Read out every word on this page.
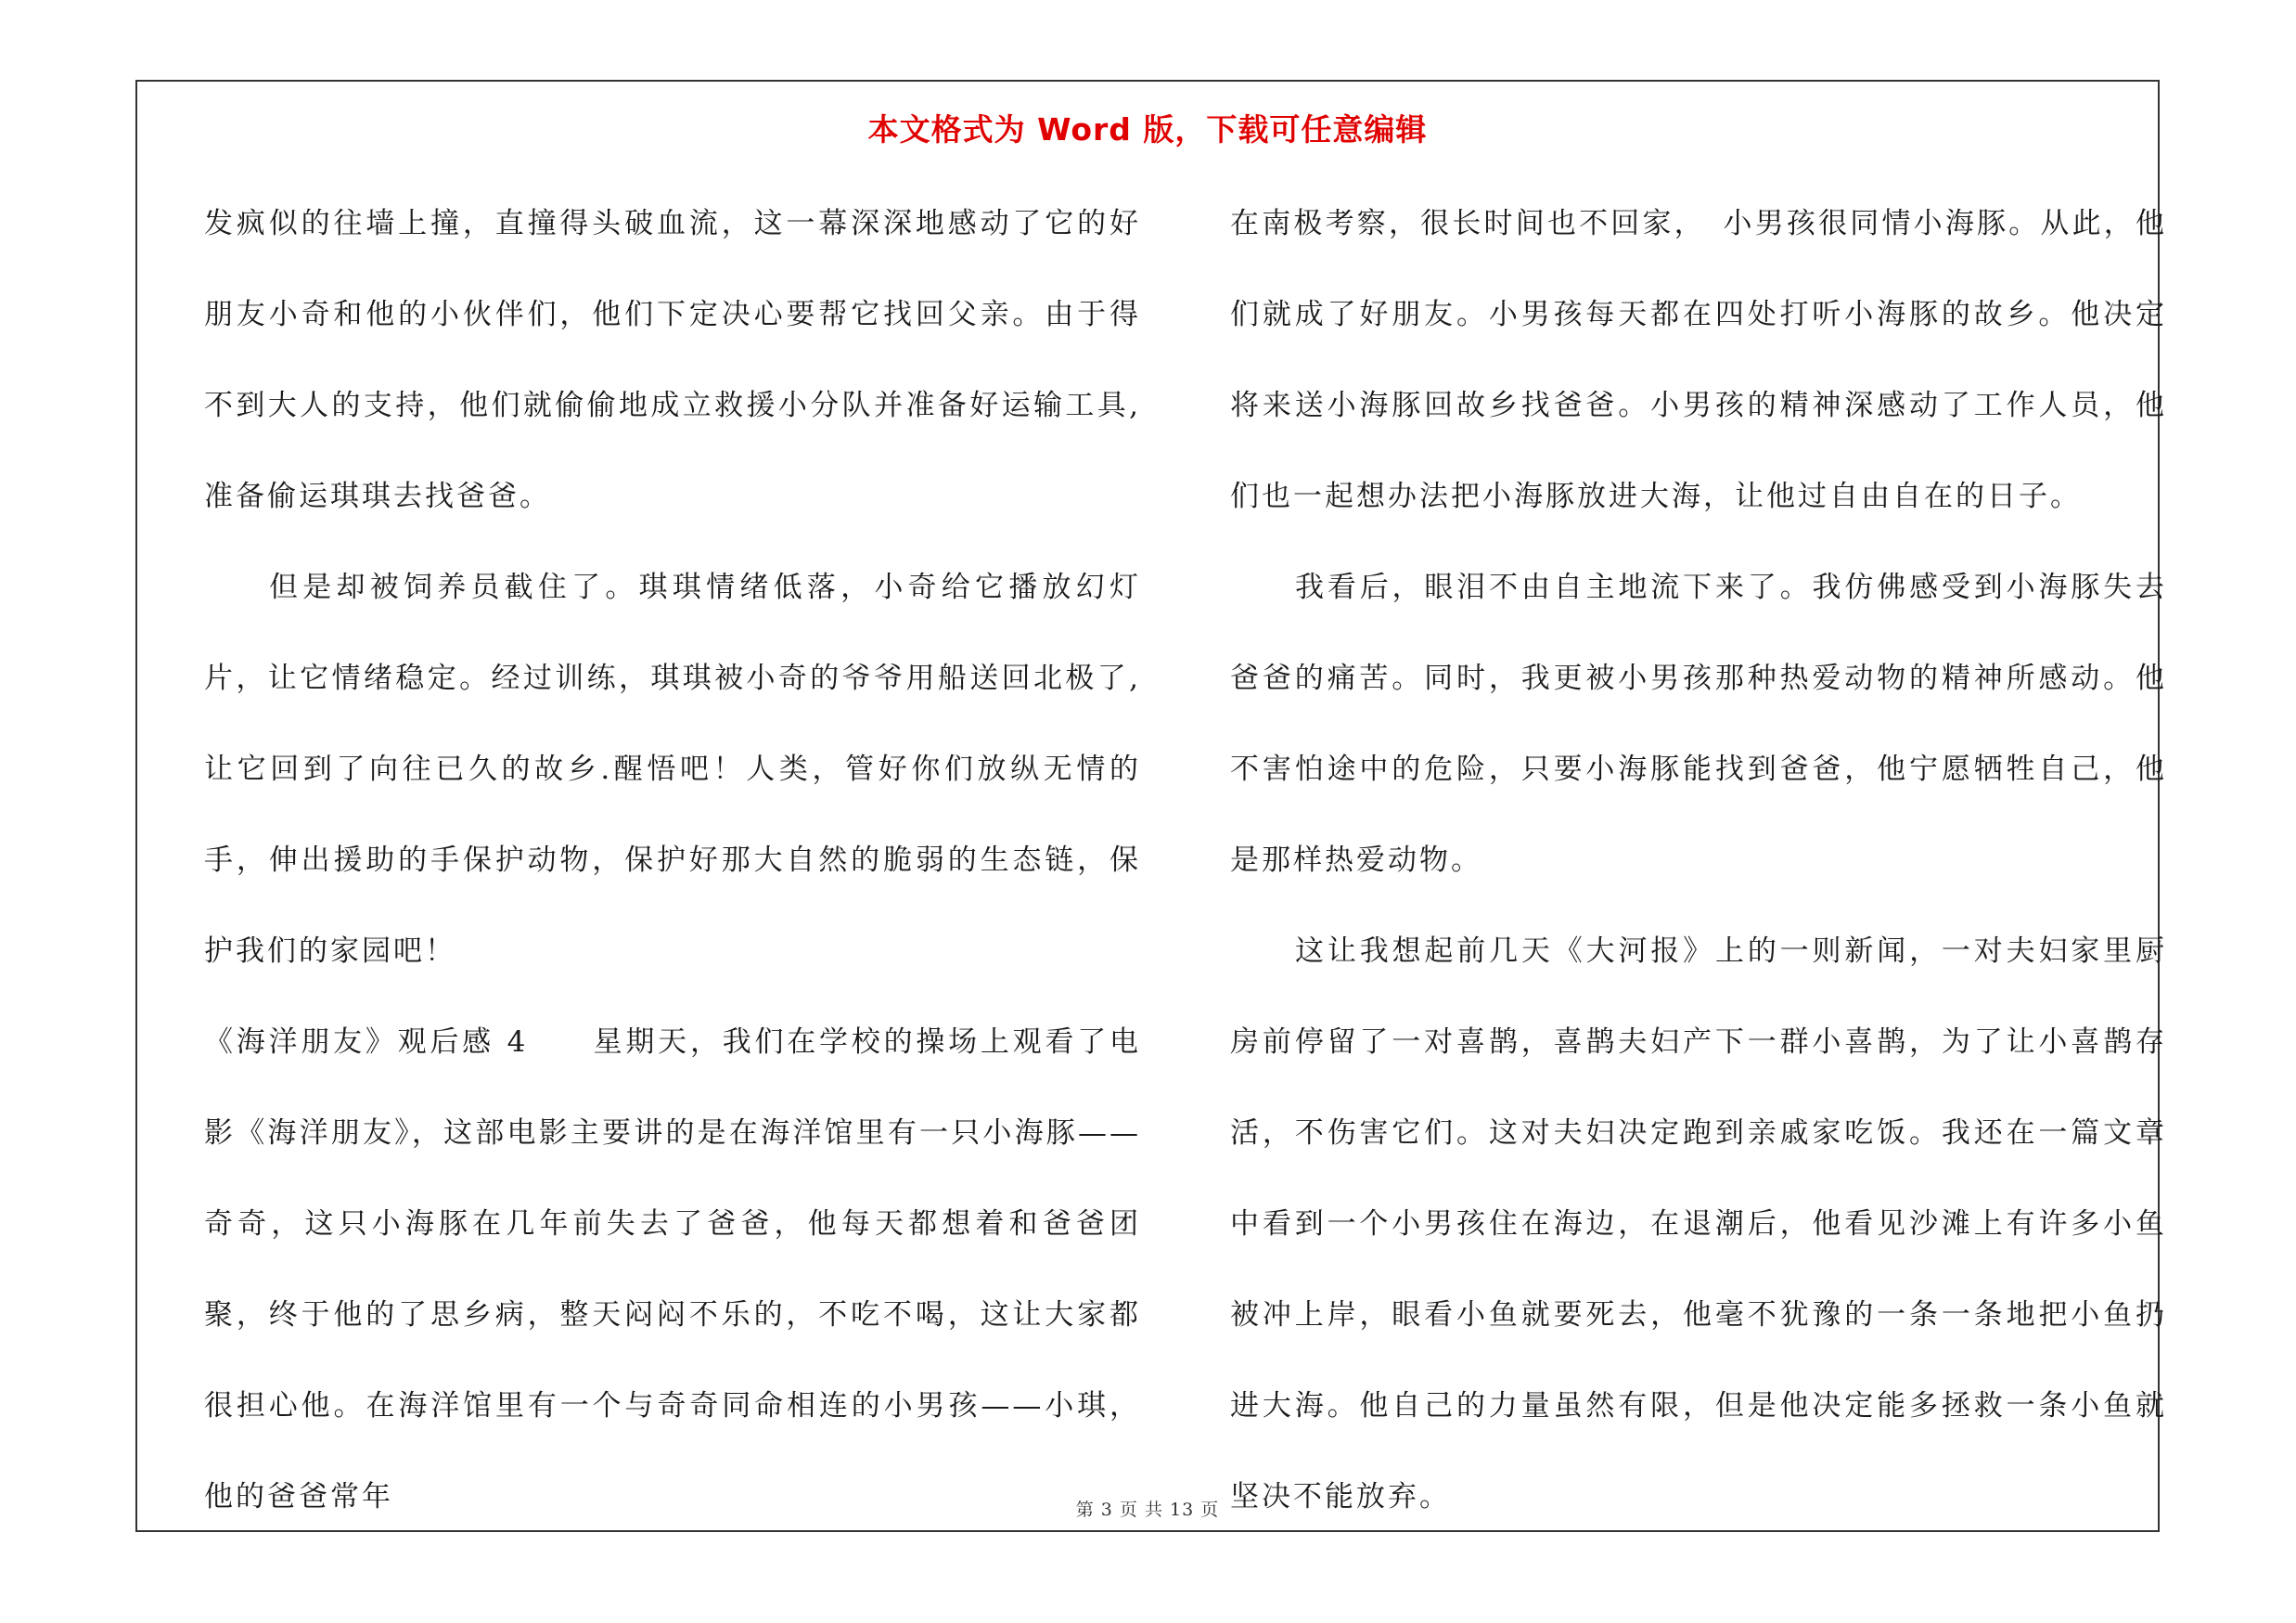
本文格式为 Word 版，下载可任意编辑

发疯似的往墙上撞，直撞得头破血流，这一幕深深地感动了它的好朋友小奇和他的小伙伴们，他们下定决心要帮它找回父亲。由于得不到大人的支持，他们就偷偷地成立救援小分队并准备好运输工具,准备偷运琪琪去找爸爸。

但是却被饲养员截住了。琪琪情绪低落，小奇给它播放幻灯片，让它情绪稳定。经过训练，琪琪被小奇的爷爷用船送回北极了,让它回到了向往已久的故乡.醒悟吧！人类，管好你们放纵无情的手，伸出援助的手保护动物，保护好那大自然的脆弱的生态链，保护我们的家园吧！

《海洋朋友》观后感 4　　星期天，我们在学校的操场上观看了电影《海洋朋友》，这部电影主要讲的是在海洋馆里有一只小海豚——奇奇，这只小海豚在几年前失去了爸爸，他每天都想着和爸爸团聚，终于他的了思乡病，整天闷闷不乐的，不吃不喝，这让大家都很担心他。在海洋馆里有一个与奇奇同命相连的小男孩——小琪，他的爸爸常年

在南极考察，很长时间也不回家，　小男孩很同情小海豚。从此，他们就成了好朋友。小男孩每天都在四处打听小海豚的故乡。他决定将来送小海豚回故乡找爸爸。小男孩的精神深感动了工作人员，他们也一起想办法把小海豚放进大海，让他过自由自在的日子。

我看后，眼泪不由自主地流下来了。我仿佛感受到小海豚失去爸爸的痛苦。同时，我更被小男孩那种热爱动物的精神所感动。他不害怕途中的危险，只要小海豚能找到爸爸，他宁愿牺牲自己，他是那样热爱动物。

这让我想起前几天《大河报》上的一则新闻，一对夫妇家里厨房前停留了一对喜鹊，喜鹊夫妇产下一群小喜鹊，为了让小喜鹊存活，不伤害它们。这对夫妇决定跑到亲戚家吃饭。我还在一篇文章中看到一个小男孩住在海边，在退潮后，他看见沙滩上有许多小鱼被冲上岸，眼看小鱼就要死去，他毫不犹豫的一条一条地把小鱼扔进大海。他自己的力量虽然有限，但是他决定能多拯救一条小鱼就坚决不能放弃。

第 3 页 共 13 页
